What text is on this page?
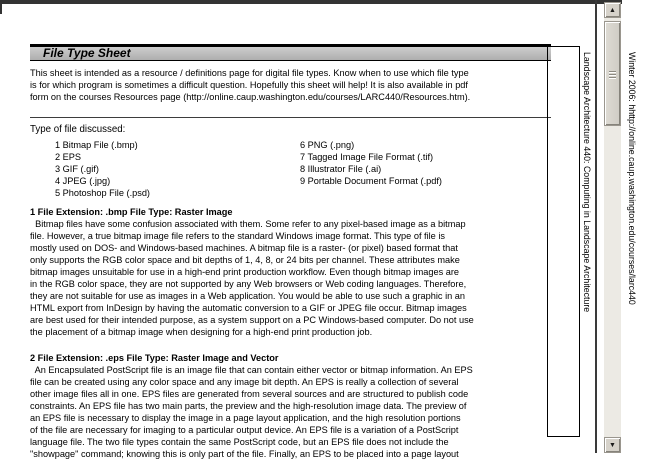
File Type Sheet
This sheet is intended as a resource / definitions page for digital file types. Know when to use which file type
is for which program is sometimes a difficult question. Hopefully this sheet will help! It is also available in pdf
form on the courses Resources page (http://online.caup.washington.edu/courses/LARC440/Resources.htm).
Type of file discussed:
1 Bitmap File (.bmp)
2 EPS
3 GIF (.gif)
4 JPEG (.jpg)
5 Photoshop File (.psd)
6 PNG (.png)
7 Tagged Image File Format (.tif)
8 Illustrator File (.ai)
9 Portable Document Format (.pdf)
1 File Extension: .bmp File Type: Raster Image
Bitmap files have some confusion associated with them. Some refer to any pixel-based image as a bitmap
file. However, a true bitmap image file refers to the standard Windows image format. This type of file is
mostly used on DOS- and Windows-based machines. A bitmap file is a raster- (or pixel) based format that
only supports the RGB color space and bit depths of 1, 4, 8, or 24 bits per channel. These attributes make
bitmap images unsuitable for use in a high-end print production workflow. Even though bitmap images are
in the RGB color space, they are not supported by any Web browsers or Web coding languages. Therefore,
they are not suitable for use as images in a Web application. You would be able to use such a graphic in an
HTML export from InDesign by having the automatic conversion to a GIF or JPEG file occur. Bitmap images
are best used for their intended purpose, as a system support on a PC Windows-based computer. Do not use
the placement of a bitmap image when designing for a high-end print production job.
2 File Extension: .eps File Type: Raster Image and Vector
An Encapsulated PostScript file is an image file that can contain either vector or bitmap information. An EPS
file can be created using any color space and any image bit depth. An EPS is really a collection of several
other image files all in one. EPS files are generated from several sources and are structured to publish code
constraints. An EPS file has two main parts, the preview and the high-resolution image data. The preview of
an EPS file is necessary to display the image in a page layout application, and the high resolution portions
of the file are necessary for imaging to a particular output device. An EPS file is a variation of a PostScript
language file. The two file types contain the same PostScript code, but an EPS file does not include the
"showpage" command; knowing this is only part of the file. Finally, an EPS to be placed into a page layout

Landscape Architecture 440: Computing in Landscape Architecture

	Winter 2006: hhttp://online.caup.washington.edu/courses/larc440

▲
▼
